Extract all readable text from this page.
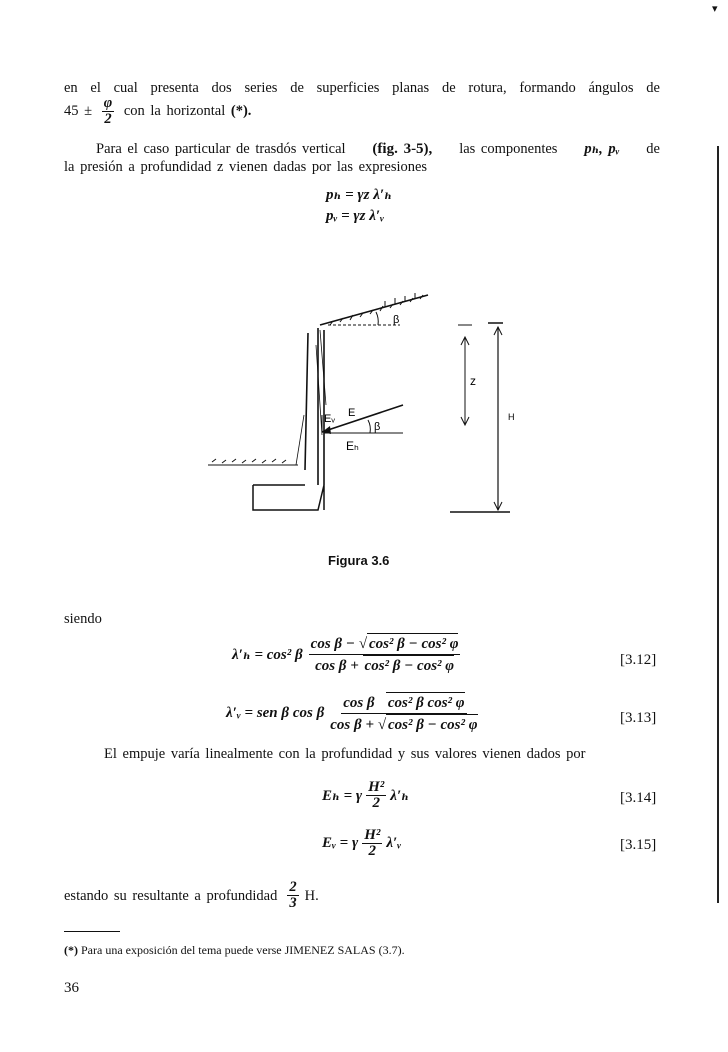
▾
en el cual presenta dos series de superficies planas de rotura, formando ángulos de
$45 \pm \frac{\varphi}{2}$ con la horizontal (*).
Para el caso particular de trasdós vertical (fig. 3-5), las componentes pₕ, pᵥ de
la presión a profundidad z vienen dadas por las expresiones
pₕ = γz λ′ₕ
pᵥ = γz λ′ᵥ
β
z
H
Eᵥ E
β
Eₕ
Figura 3.6
siendo
λ′ₕ = cos² β $\frac{\text{cos β − √ cos² β − cos² φ}}{\text{cos β + cos² β − cos² φ}}$	[3.12]
λ′ᵥ = sen β cos β $\frac{\text{cos β cos² β cos² φ}}{\text{cos β + √ cos² β − cos² φ}}$	[3.13]
El empuje varía linealmente con la profundidad y sus valores vienen dados por
Eₕ = γ $\frac{\text{H²}}{2} \lambda'_h$	[3.14]
Eᵥ = γ $\frac{\text{H²}}{2}$ λ′ᵥ	[3.15]
estando su resultante a profundidad $\frac{2}{3} H$.
(*) Para una exposición del tema puede verse JIMENEZ SALAS (3.7).
36
